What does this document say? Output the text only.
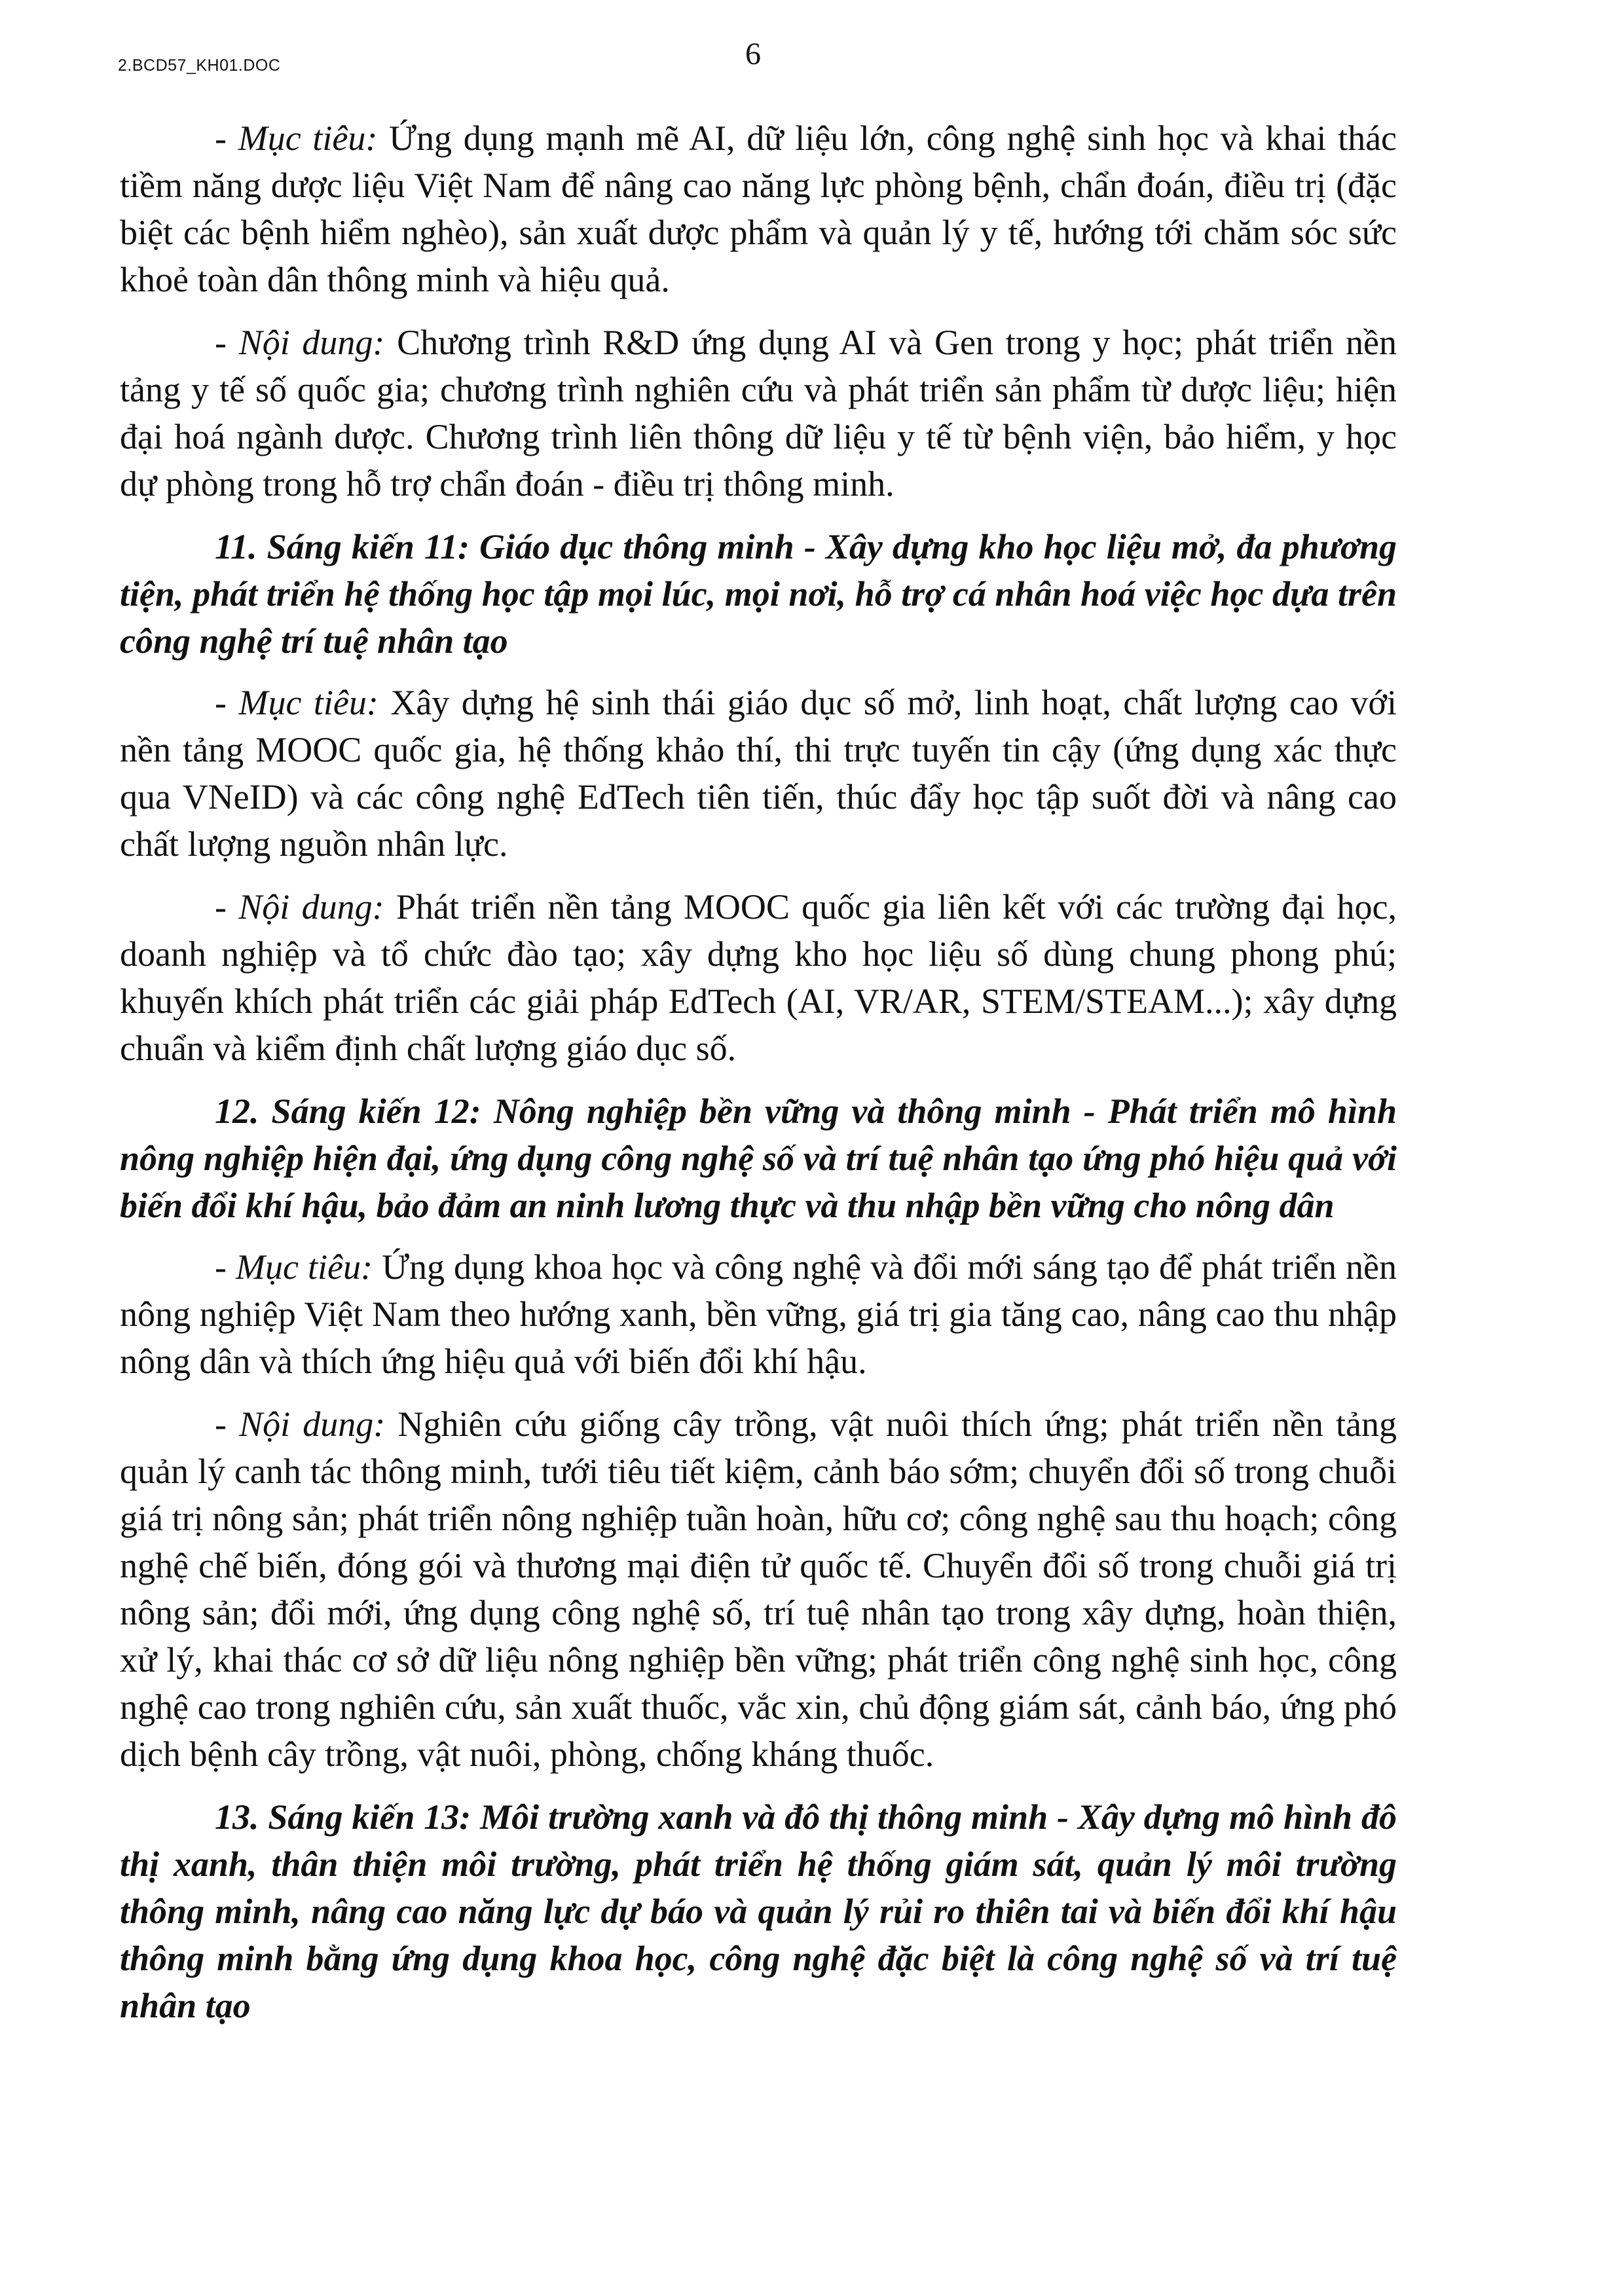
2.BCD57_KH01.DOC	6

- Mục tiêu: Ứng dụng mạnh mẽ AI, dữ liệu lớn, công nghệ sinh học và khai thác tiềm năng dược liệu Việt Nam để nâng cao năng lực phòng bệnh, chẩn đoán, điều trị (đặc biệt các bệnh hiểm nghèo), sản xuất dược phẩm và quản lý y tế, hướng tới chăm sóc sức khoẻ toàn dân thông minh và hiệu quả.

- Nội dung: Chương trình R&D ứng dụng AI và Gen trong y học; phát triển nền tảng y tế số quốc gia; chương trình nghiên cứu và phát triển sản phẩm từ dược liệu; hiện đại hoá ngành dược. Chương trình liên thông dữ liệu y tế từ bệnh viện, bảo hiểm, y học dự phòng trong hỗ trợ chẩn đoán - điều trị thông minh.

11. Sáng kiến 11: Giáo dục thông minh - Xây dựng kho học liệu mở, đa phương tiện, phát triển hệ thống học tập mọi lúc, mọi nơi, hỗ trợ cá nhân hoá việc học dựa trên công nghệ trí tuệ nhân tạo

- Mục tiêu: Xây dựng hệ sinh thái giáo dục số mở, linh hoạt, chất lượng cao với nền tảng MOOC quốc gia, hệ thống khảo thí, thi trực tuyến tin cậy (ứng dụng xác thực qua VNeID) và các công nghệ EdTech tiên tiến, thúc đẩy học tập suốt đời và nâng cao chất lượng nguồn nhân lực.

- Nội dung: Phát triển nền tảng MOOC quốc gia liên kết với các trường đại học, doanh nghiệp và tổ chức đào tạo; xây dựng kho học liệu số dùng chung phong phú; khuyến khích phát triển các giải pháp EdTech (AI, VR/AR, STEM/STEAM...); xây dựng chuẩn và kiểm định chất lượng giáo dục số.

12. Sáng kiến 12: Nông nghiệp bền vững và thông minh - Phát triển mô hình nông nghiệp hiện đại, ứng dụng công nghệ số và trí tuệ nhân tạo ứng phó hiệu quả với biến đổi khí hậu, bảo đảm an ninh lương thực và thu nhập bền vững cho nông dân

- Mục tiêu: Ứng dụng khoa học và công nghệ và đổi mới sáng tạo để phát triển nền nông nghiệp Việt Nam theo hướng xanh, bền vững, giá trị gia tăng cao, nâng cao thu nhập nông dân và thích ứng hiệu quả với biến đổi khí hậu.

- Nội dung: Nghiên cứu giống cây trồng, vật nuôi thích ứng; phát triển nền tảng quản lý canh tác thông minh, tưới tiêu tiết kiệm, cảnh báo sớm; chuyển đổi số trong chuỗi giá trị nông sản; phát triển nông nghiệp tuần hoàn, hữu cơ; công nghệ sau thu hoạch; công nghệ chế biến, đóng gói và thương mại điện tử quốc tế. Chuyển đổi số trong chuỗi giá trị nông sản; đổi mới, ứng dụng công nghệ số, trí tuệ nhân tạo trong xây dựng, hoàn thiện, xử lý, khai thác cơ sở dữ liệu nông nghiệp bền vững; phát triển công nghệ sinh học, công nghệ cao trong nghiên cứu, sản xuất thuốc, vắc xin, chủ động giám sát, cảnh báo, ứng phó dịch bệnh cây trồng, vật nuôi, phòng, chống kháng thuốc.

13. Sáng kiến 13: Môi trường xanh và đô thị thông minh - Xây dựng mô hình đô thị xanh, thân thiện môi trường, phát triển hệ thống giám sát, quản lý môi trường thông minh, nâng cao năng lực dự báo và quản lý rủi ro thiên tai và biến đổi khí hậu thông minh bằng ứng dụng khoa học, công nghệ đặc biệt là công nghệ số và trí tuệ nhân tạo
